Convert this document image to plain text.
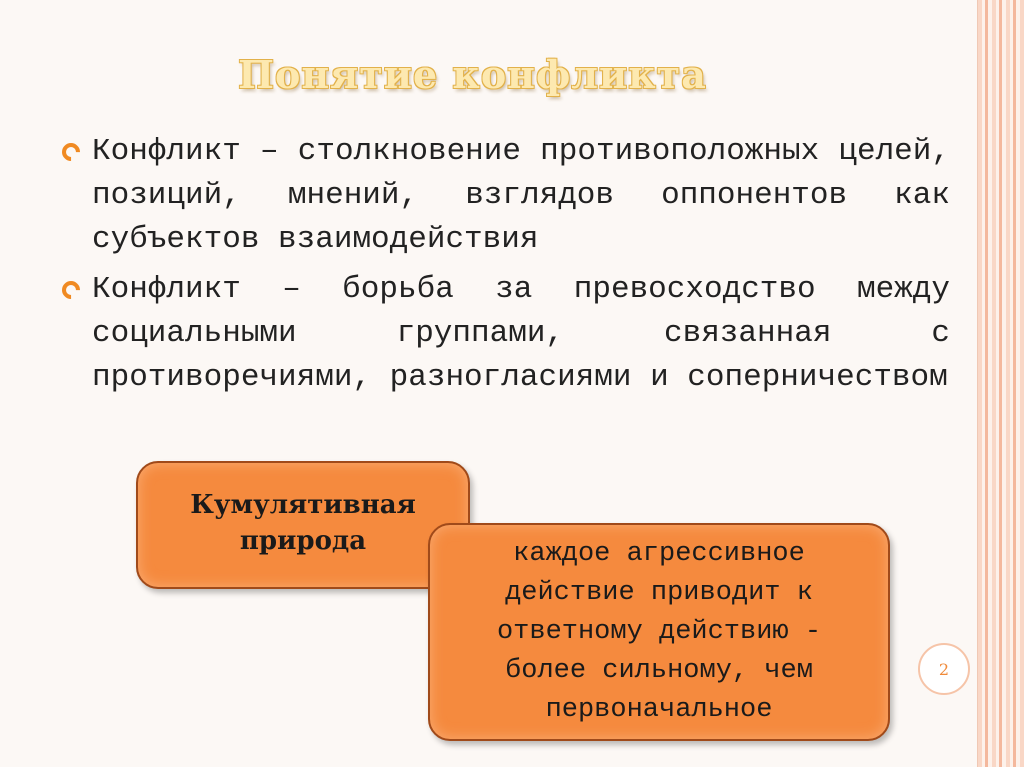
Понятие конфликта
Конфликт – столкновение противоположных целей, позиций, мнений, взглядов оппонентов как субъектов взаимодействия
Конфликт – борьба за превосходство между социальными группами, связанная с противоречиями, разногласиями и соперничеством
Кумулятивная
природа	каждое агрессивное
действие приводит к
ответному действию -
более сильному, чем
первоначальное
2
